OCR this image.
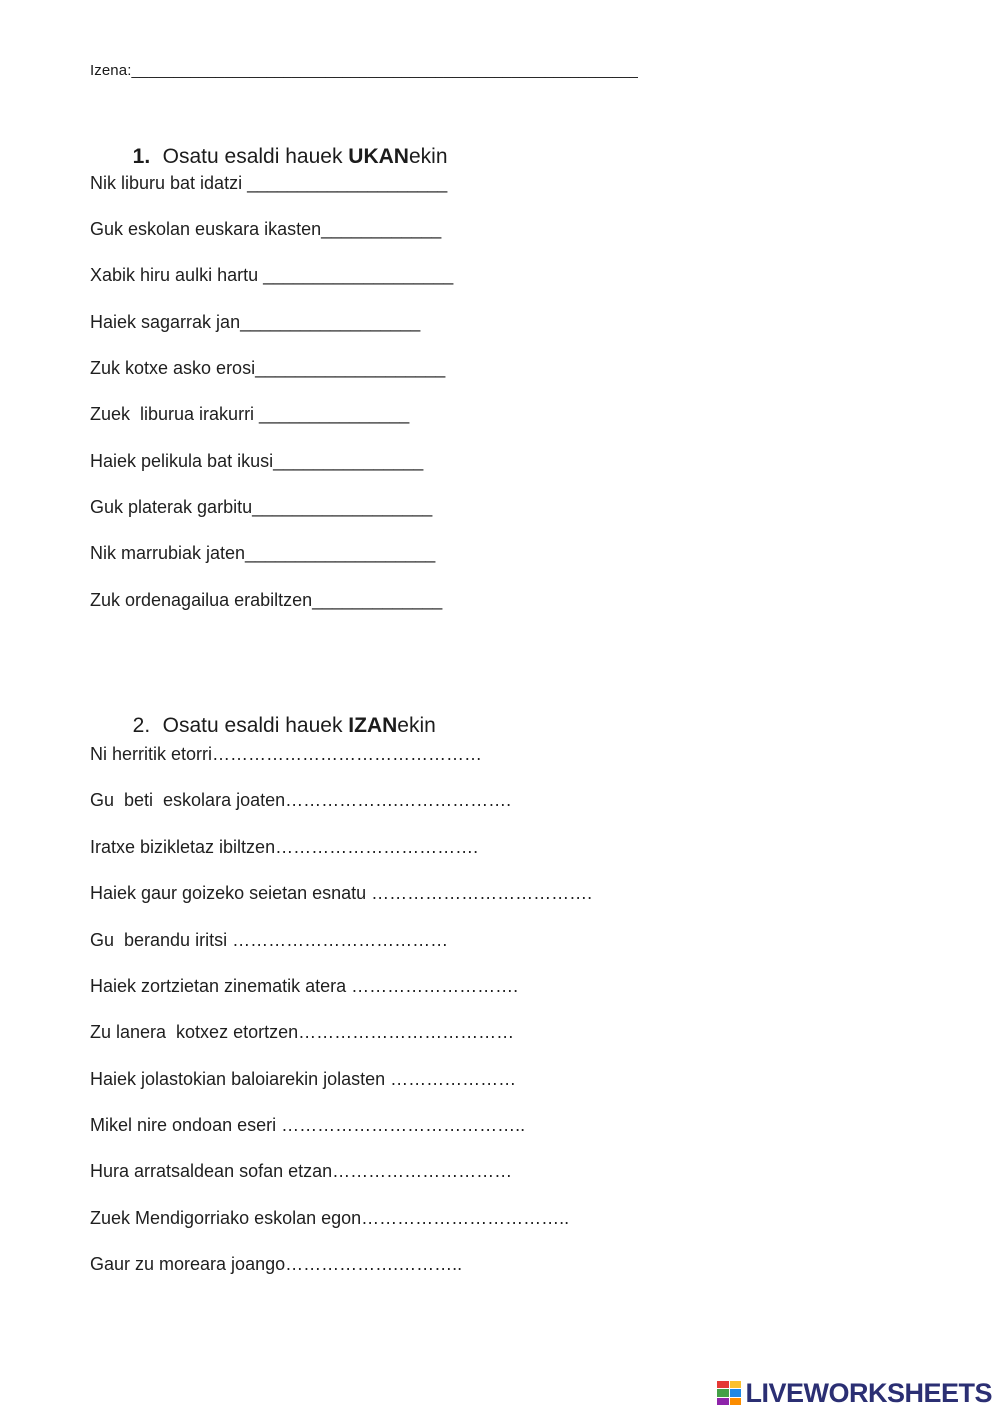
Izena:____________________________________________________________

1. Osatu esaldi hauek UKANekin

Nik liburu bat idatzi ____________________
Guk eskolan euskara ikasten____________
Xabik hiru aulki hartu ___________________
Haiek sagarrak jan__________________
Zuk kotxe asko erosi___________________
Zuek  liburua irakurri _______________
Haiek pelikula bat ikusi_______________
Guk platerak garbitu__________________
Nik marrubiak jaten___________________
Zuk ordenagailua erabiltzen_____________

2. Osatu esaldi hauek IZANekin

Ni herritik etorri………………………………………
Gu  beti  eskolara joaten……………….……………….
Iratxe bizikletaz ibiltzen…………………………….
Haiek gaur goizeko seietan esnatu ……………………………….
Gu  berandu iritsi ………………………………
Haiek zortzietan zinematik atera ……………………….
Zu lanera  kotxez etortzen………………………………
Haiek jolastokian baloiarekin jolasten …………………
Mikel nire ondoan eseri …………………………………..
Hura arratsaldean sofan etzan…………………………
Zuek Mendigorriako eskolan egon……………………………..
Gaur zu moreara joango……………….………..
LIVEWORKSHEETS
